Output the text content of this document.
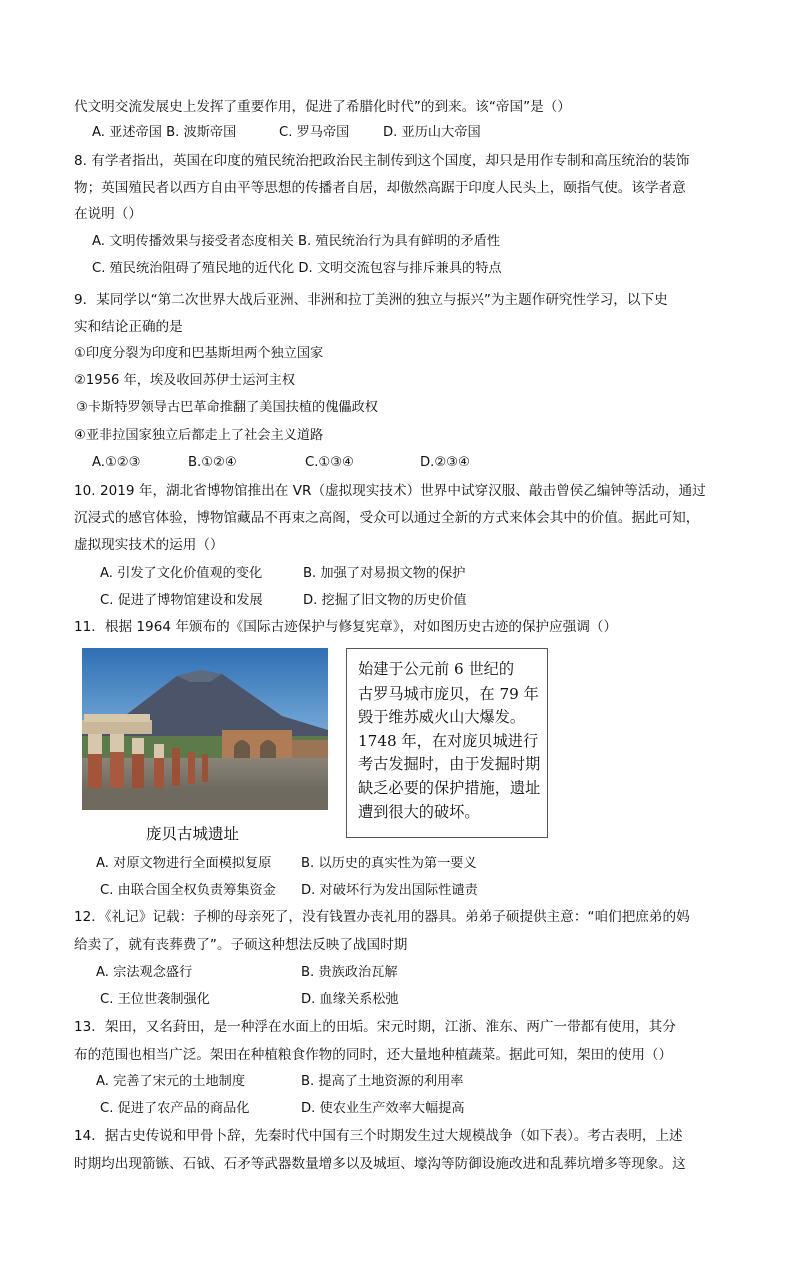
代文明交流发展史上发挥了重要作用，促进了希腊化时代”的到来。该“帝国”是（）
A. 亚述帝国 B. 波斯帝国	C. 罗马帝国	D. 亚历山大帝国
8. 有学者指出，英国在印度的殖民统治把政治民主制传到这个国度，却只是用作专制和高压统治的装饰
物；英国殖民者以西方自由平等思想的传播者自居，却傲然高踞于印度人民头上，颐指气使。该学者意
在说明（）
A. 文明传播效果与接受者态度相关 B. 殖民统治行为具有鲜明的矛盾性
C. 殖民统治阻碍了殖民地的近代化 D. 文明交流包容与排斥兼具的特点
9．某同学以“第二次世界大战后亚洲、非洲和拉丁美洲的独立与振兴”为主题作研究性学习，以下史
实和结论正确的是
①印度分裂为印度和巴基斯坦两个独立国家
②1956 年，埃及收回苏伊士运河主权
③卡斯特罗领导古巴革命推翻了美国扶植的傀儡政权
④亚非拉国家独立后都走上了社会主义道路
A.①②③	B.①②④	C.①③④	D.②③④
10. 2019 年，湖北省博物馆推出在 VR（虚拟现实技术）世界中试穿汉服、敲击曾侯乙编钟等活动，通过
沉浸式的感官体验，博物馆藏品不再束之高阁，受众可以通过全新的方式来体会其中的价值。据此可知，
虚拟现实技术的运用（）
A. 引发了文化价值观的变化	B. 加强了对易损文物的保护
C. 促进了博物馆建设和发展	D. 挖掘了旧文物的历史价值
11．根据 1964 年颁布的《国际古迹保护与修复宪章》，对如图历史古迹的保护应强调（）
庞贝古城遗址
始建于公元前 6 世纪的
古罗马城市庞贝，在 79 年
毁于维苏威火山大爆发。
1748 年，在对庞贝城进行
考古发掘时，由于发掘时期
缺乏必要的保护措施，遗址
遭到很大的破坏。
A. 对原文物进行全面模拟复原 B. 以历史的真实性为第一要义
C. 由联合国全权负责筹集资金 D. 对破坏行为发出国际性谴责
12．《礼记》记载：子柳的母亲死了，没有钱置办丧礼用的器具。弟弟子硕提供主意：“咱们把庶弟的妈
给卖了，就有丧葬费了”。子硕这种想法反映了战国时期
A. 宗法观念盛行	B. 贵族政治瓦解
C. 王位世袭制强化	D. 血缘关系松弛
13．架田，又名葑田，是一种浮在水面上的田垢。宋元时期，江浙、淮东、两广一带都有使用，其分
布的范围也相当广泛。架田在种植粮食作物的同时，还大量地种植蔬菜。据此可知，架田的使用（）
A. 完善了宋元的土地制度	B. 提高了土地资源的利用率
C. 促进了农产品的商品化	D. 使农业生产效率大幅提高
14．据古史传说和甲骨卜辞，先秦时代中国有三个时期发生过大规模战争（如下表）。考古表明，上述
时期均出现箭镞、石钺、石矛等武器数量增多以及城垣、壕沟等防御设施改进和乱葬坑增多等现象。这
